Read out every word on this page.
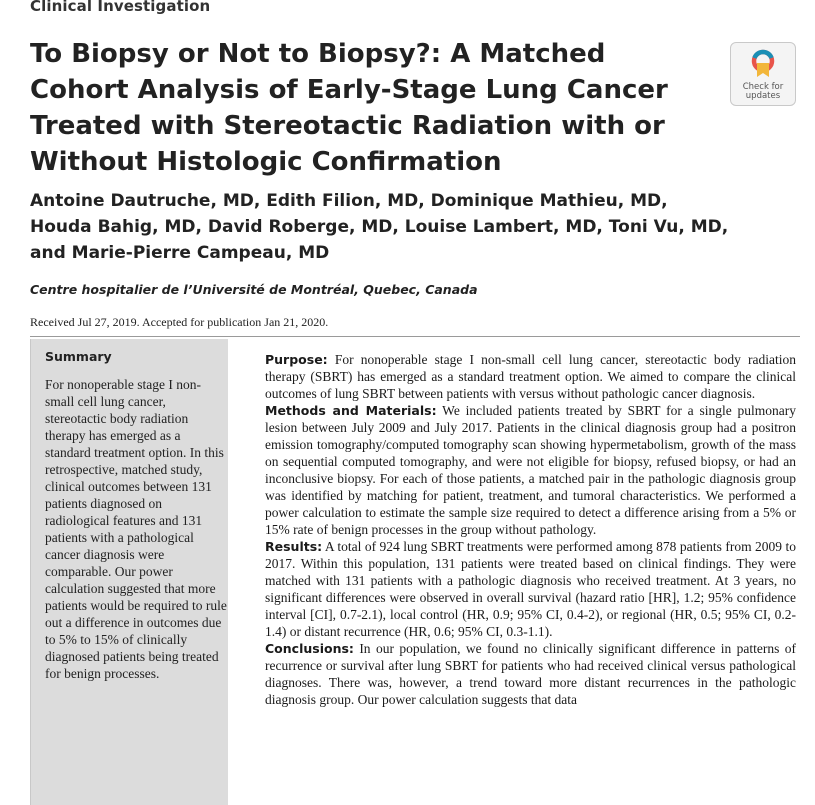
Clinical Investigation
To Biopsy or Not to Biopsy?: A Matched Cohort Analysis of Early-Stage Lung Cancer Treated with Stereotactic Radiation with or Without Histologic Confirmation
Check for
updates

Antoine Dautruche, MD, Edith Filion, MD, Dominique Mathieu, MD, Houda Bahig, MD, David Roberge, MD, Louise Lambert, MD, Toni Vu, MD, and Marie-Pierre Campeau, MD

Centre hospitalier de l’Université de Montréal, Quebec, Canada
Received Jul 27, 2019. Accepted for publication Jan 21, 2020.
Summary

For nonoperable stage I non-small cell lung cancer, stereotactic body radiation therapy has emerged as a standard treatment option. In this retrospective, matched study, clinical outcomes between 131 patients diagnosed on radiological features and 131 patients with a pathological cancer diagnosis were comparable. Our power calculation suggested that more patients would be required to rule out a difference in outcomes due to 5% to 15% of clinically diagnosed patients being treated for benign processes.

Purpose: For nonoperable stage I non-small cell lung cancer, stereotactic body radiation therapy (SBRT) has emerged as a standard treatment option. We aimed to compare the clinical outcomes of lung SBRT between patients with versus without pathologic cancer diagnosis.

Methods and Materials: We included patients treated by SBRT for a single pulmonary lesion between July 2009 and July 2017. Patients in the clinical diagnosis group had a positron emission tomography/computed tomography scan showing hypermetabolism, growth of the mass on sequential computed tomography, and were not eligible for biopsy, refused biopsy, or had an inconclusive biopsy. For each of those patients, a matched pair in the pathologic diagnosis group was identified by matching for patient, treatment, and tumoral characteristics. We performed a power calculation to estimate the sample size required to detect a difference arising from a 5% or 15% rate of benign processes in the group without pathology.

Results: A total of 924 lung SBRT treatments were performed among 878 patients from 2009 to 2017. Within this population, 131 patients were treated based on clinical findings. They were matched with 131 patients with a pathologic diagnosis who received treatment. At 3 years, no significant differences were observed in overall survival (hazard ratio [HR], 1.2; 95% confidence interval [CI], 0.7-2.1), local control (HR, 0.9; 95% CI, 0.4-2), or regional (HR, 0.5; 95% CI, 0.2-1.4) or distant recurrence (HR, 0.6; 95% CI, 0.3-1.1).

Conclusions: In our population, we found no clinically significant difference in patterns of recurrence or survival after lung SBRT for patients who had received clinical versus pathological diagnoses. There was, however, a trend toward more distant recurrences in the pathologic diagnosis group. Our power calculation suggests that data
